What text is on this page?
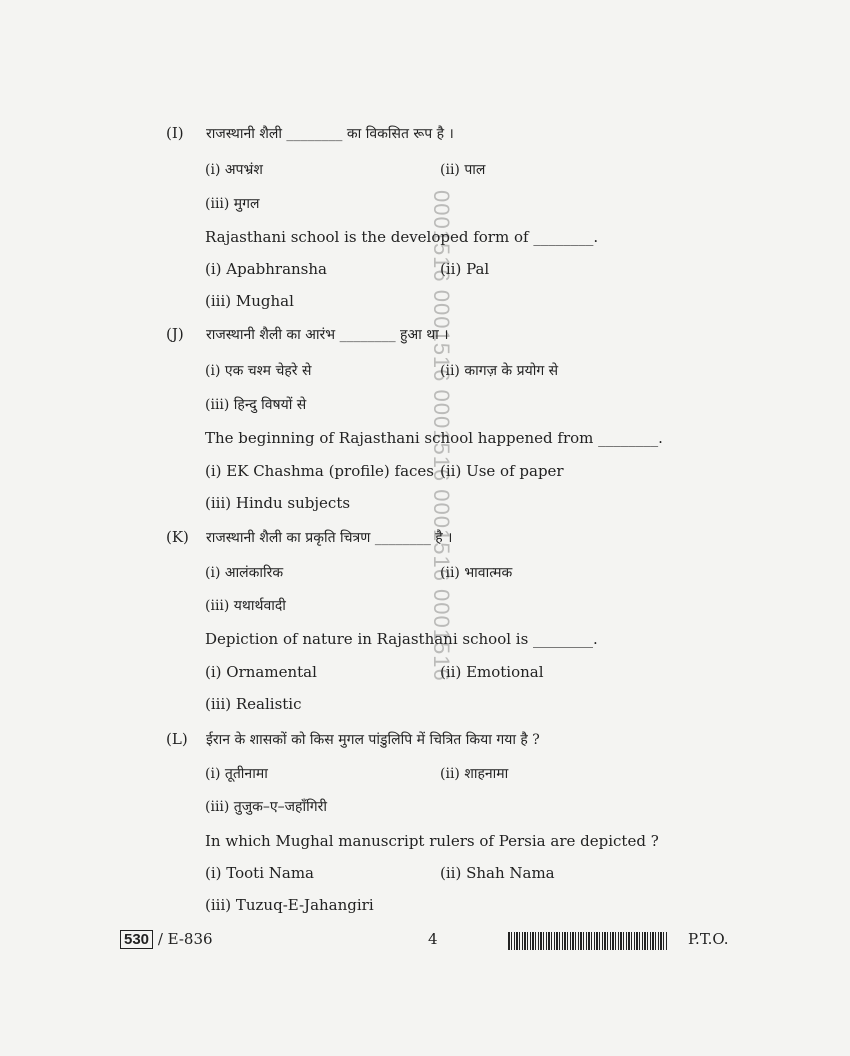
0001516 0001516 0001516 0001516 0001516
(I) राजस्थानी शैली ________ का विकसित रूप है ।
(i) अपभ्रंश	(ii) पाल
(iii) मुगल
Rajasthani school is the developed form of ________.
(i) Apabhransha	(ii) Pal
(iii) Mughal
(J) राजस्थानी शैली का आरंभ ________ हुआ था ।
(i) एक चश्म चेहरे से	(ii) कागज़ के प्रयोग से
(iii) हिन्दु विषयों से
The beginning of Rajasthani school happened from ________.
(i) EK Chashma (profile) faces (ii) Use of paper
(iii) Hindu subjects
(K) राजस्थानी शैली का प्रकृति चित्रण ________ है ।
(i) आलंकारिक	(ii) भावात्मक
(iii) यथार्थवादी
Depiction of nature in Rajasthani school is ________.
(i) Ornamental	(ii) Emotional
(iii) Realistic
(L) ईरान के शासकों को किस मुगल पांडुलिपि में चित्रित किया गया है ?
(i) तूतीनामा	(ii) शाहनामा
(iii) तुजुक–ए–जहाँगिरी
In which Mughal manuscript rulers of Persia are depicted ?
(i) Tooti Nama	(ii) Shah Nama
(iii) Tuzuq-E-Jahangiri
530 / E-836	4	P.T.O.
